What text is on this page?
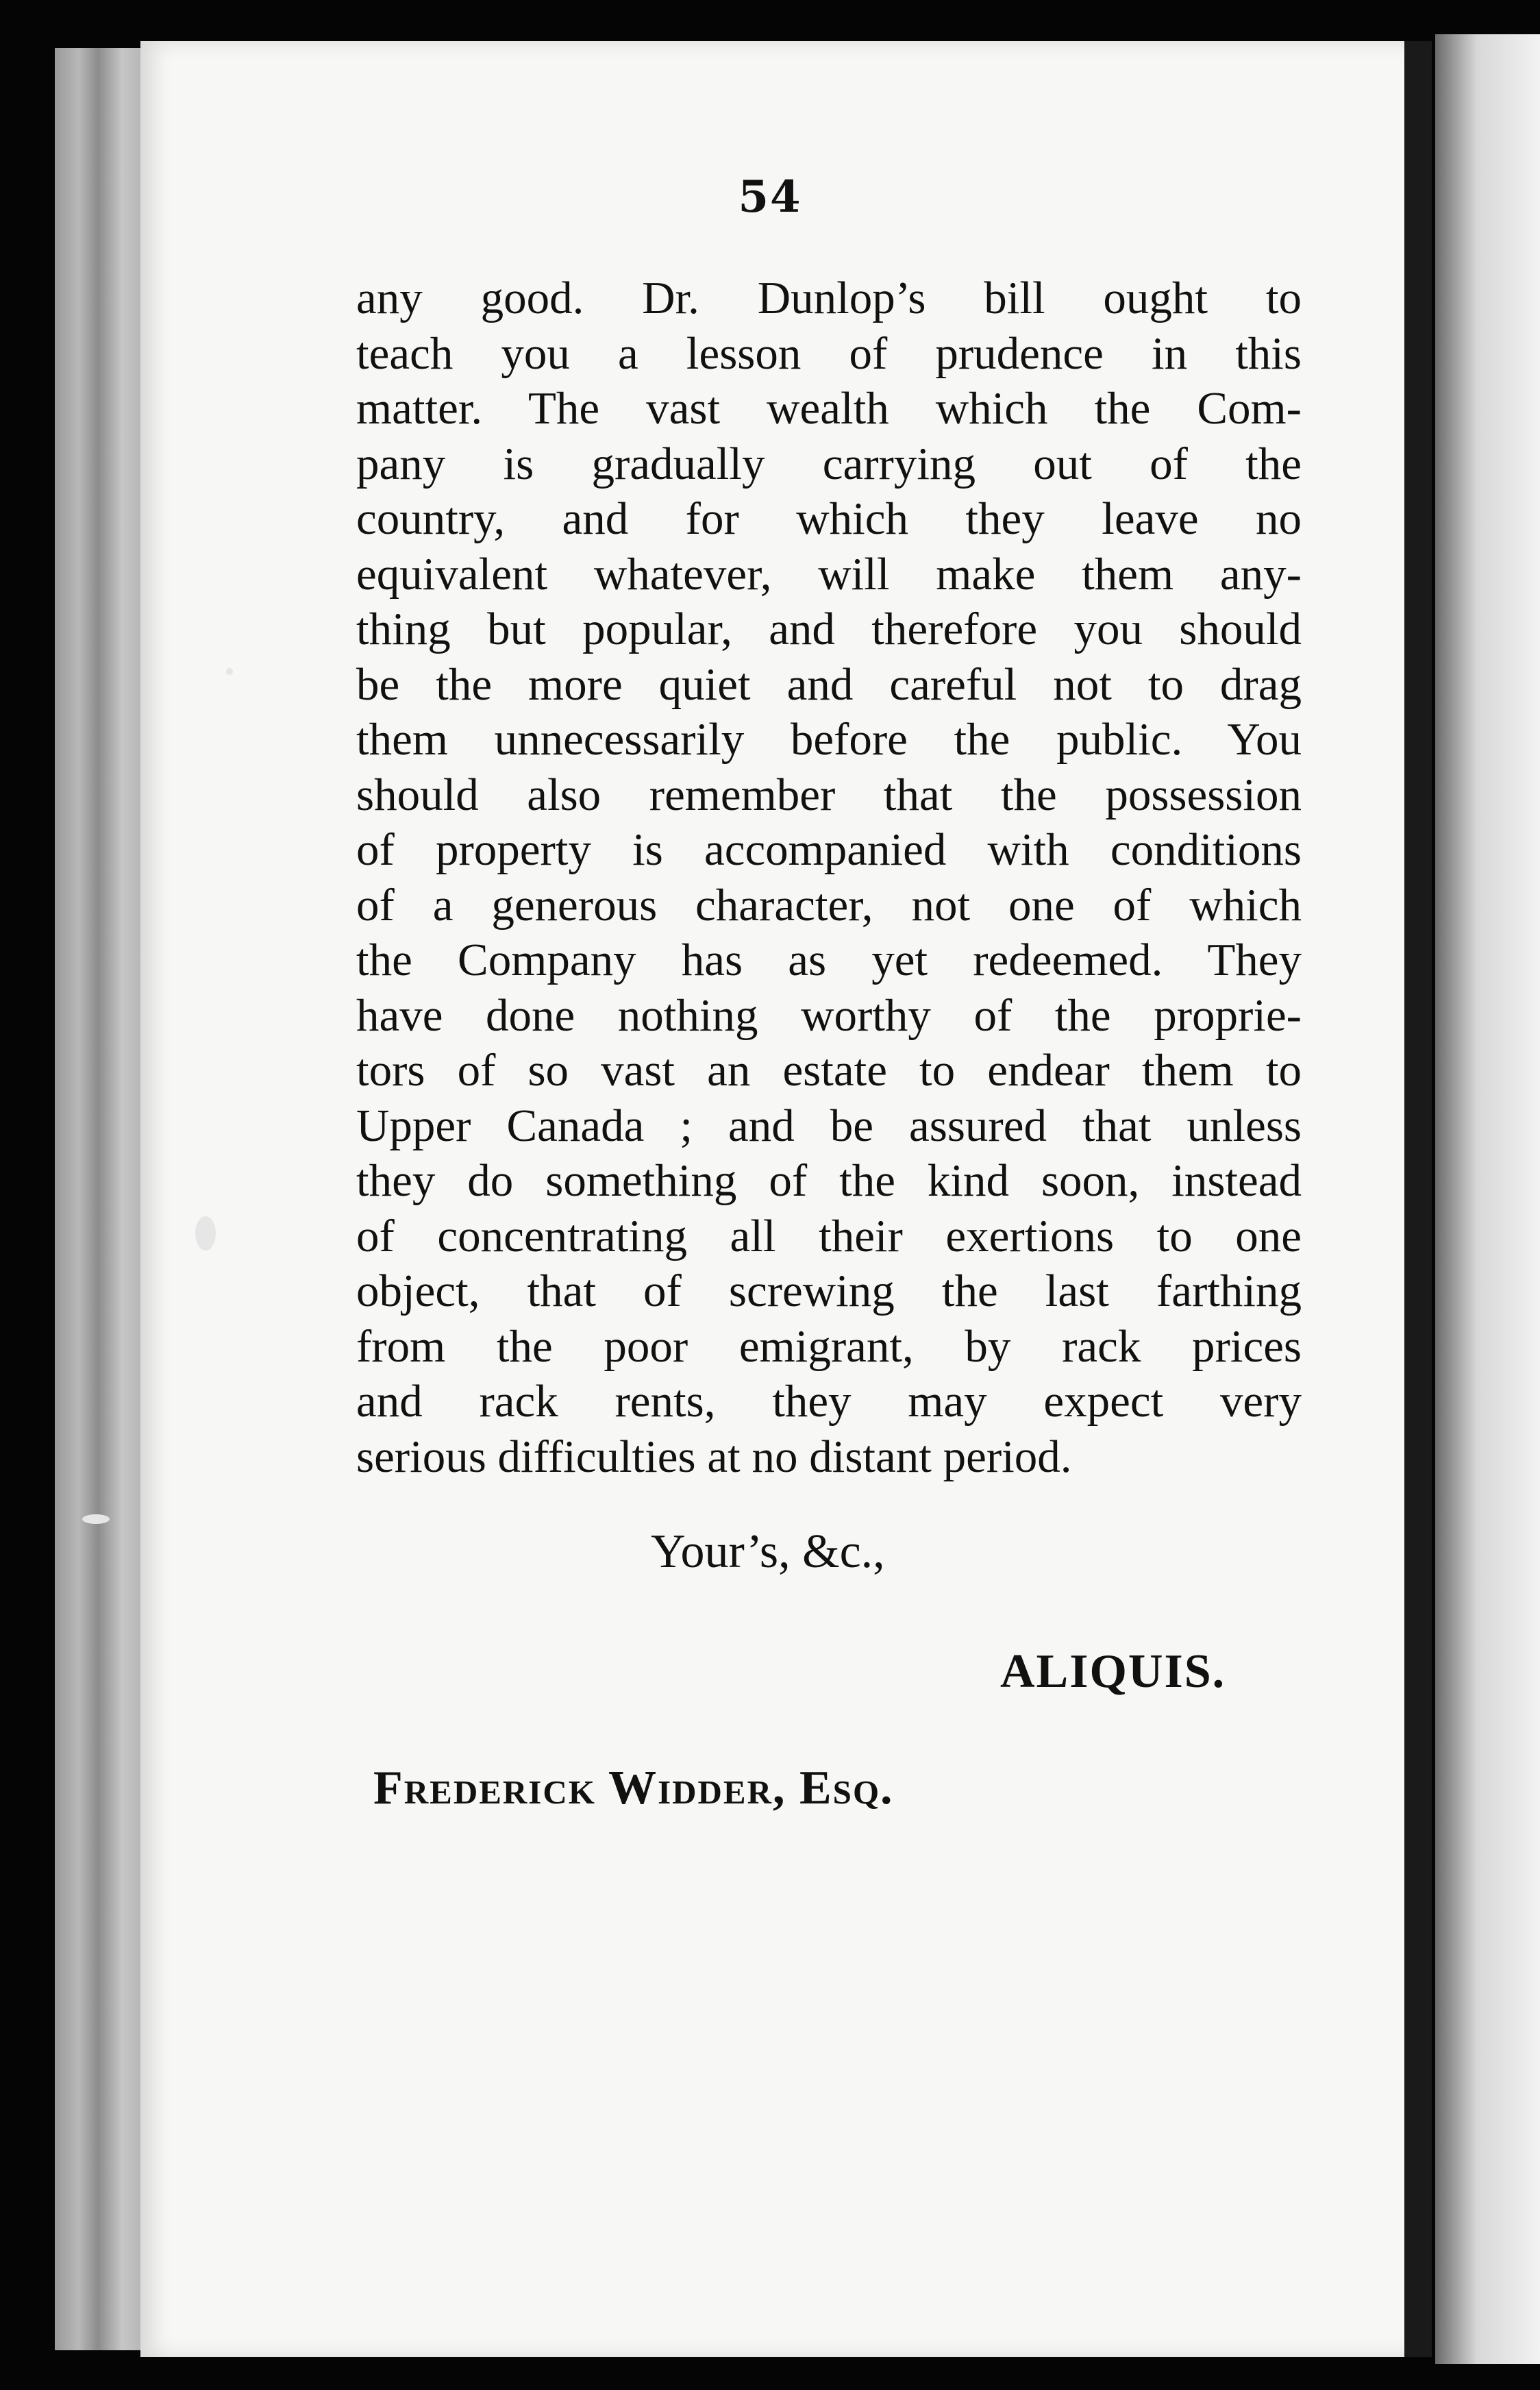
54
any good. Dr. Dunlop’s bill ought to
teach you a lesson of prudence in this
matter. The vast wealth which the Com-
pany is gradually carrying out of the
country, and for which they leave no
equivalent whatever, will make them any-
thing but popular, and therefore you should
be the more quiet and careful not to drag
them unnecessarily before the public. You
should also remember that the possession
of property is accompanied with conditions
of a generous character, not one of which
the Company has as yet redeemed. They
have done nothing worthy of the proprie-
tors of so vast an estate to endear them to
Upper Canada ; and be assured that unless
they do something of the kind soon, instead
of concentrating all their exertions to one
object, that of screwing the last farthing
from the poor emigrant, by rack prices
and rack rents, they may expect very
serious difficulties at no distant period.
Your’s, &c.,
ALIQUIS.
Frederick Widder, Esq.
